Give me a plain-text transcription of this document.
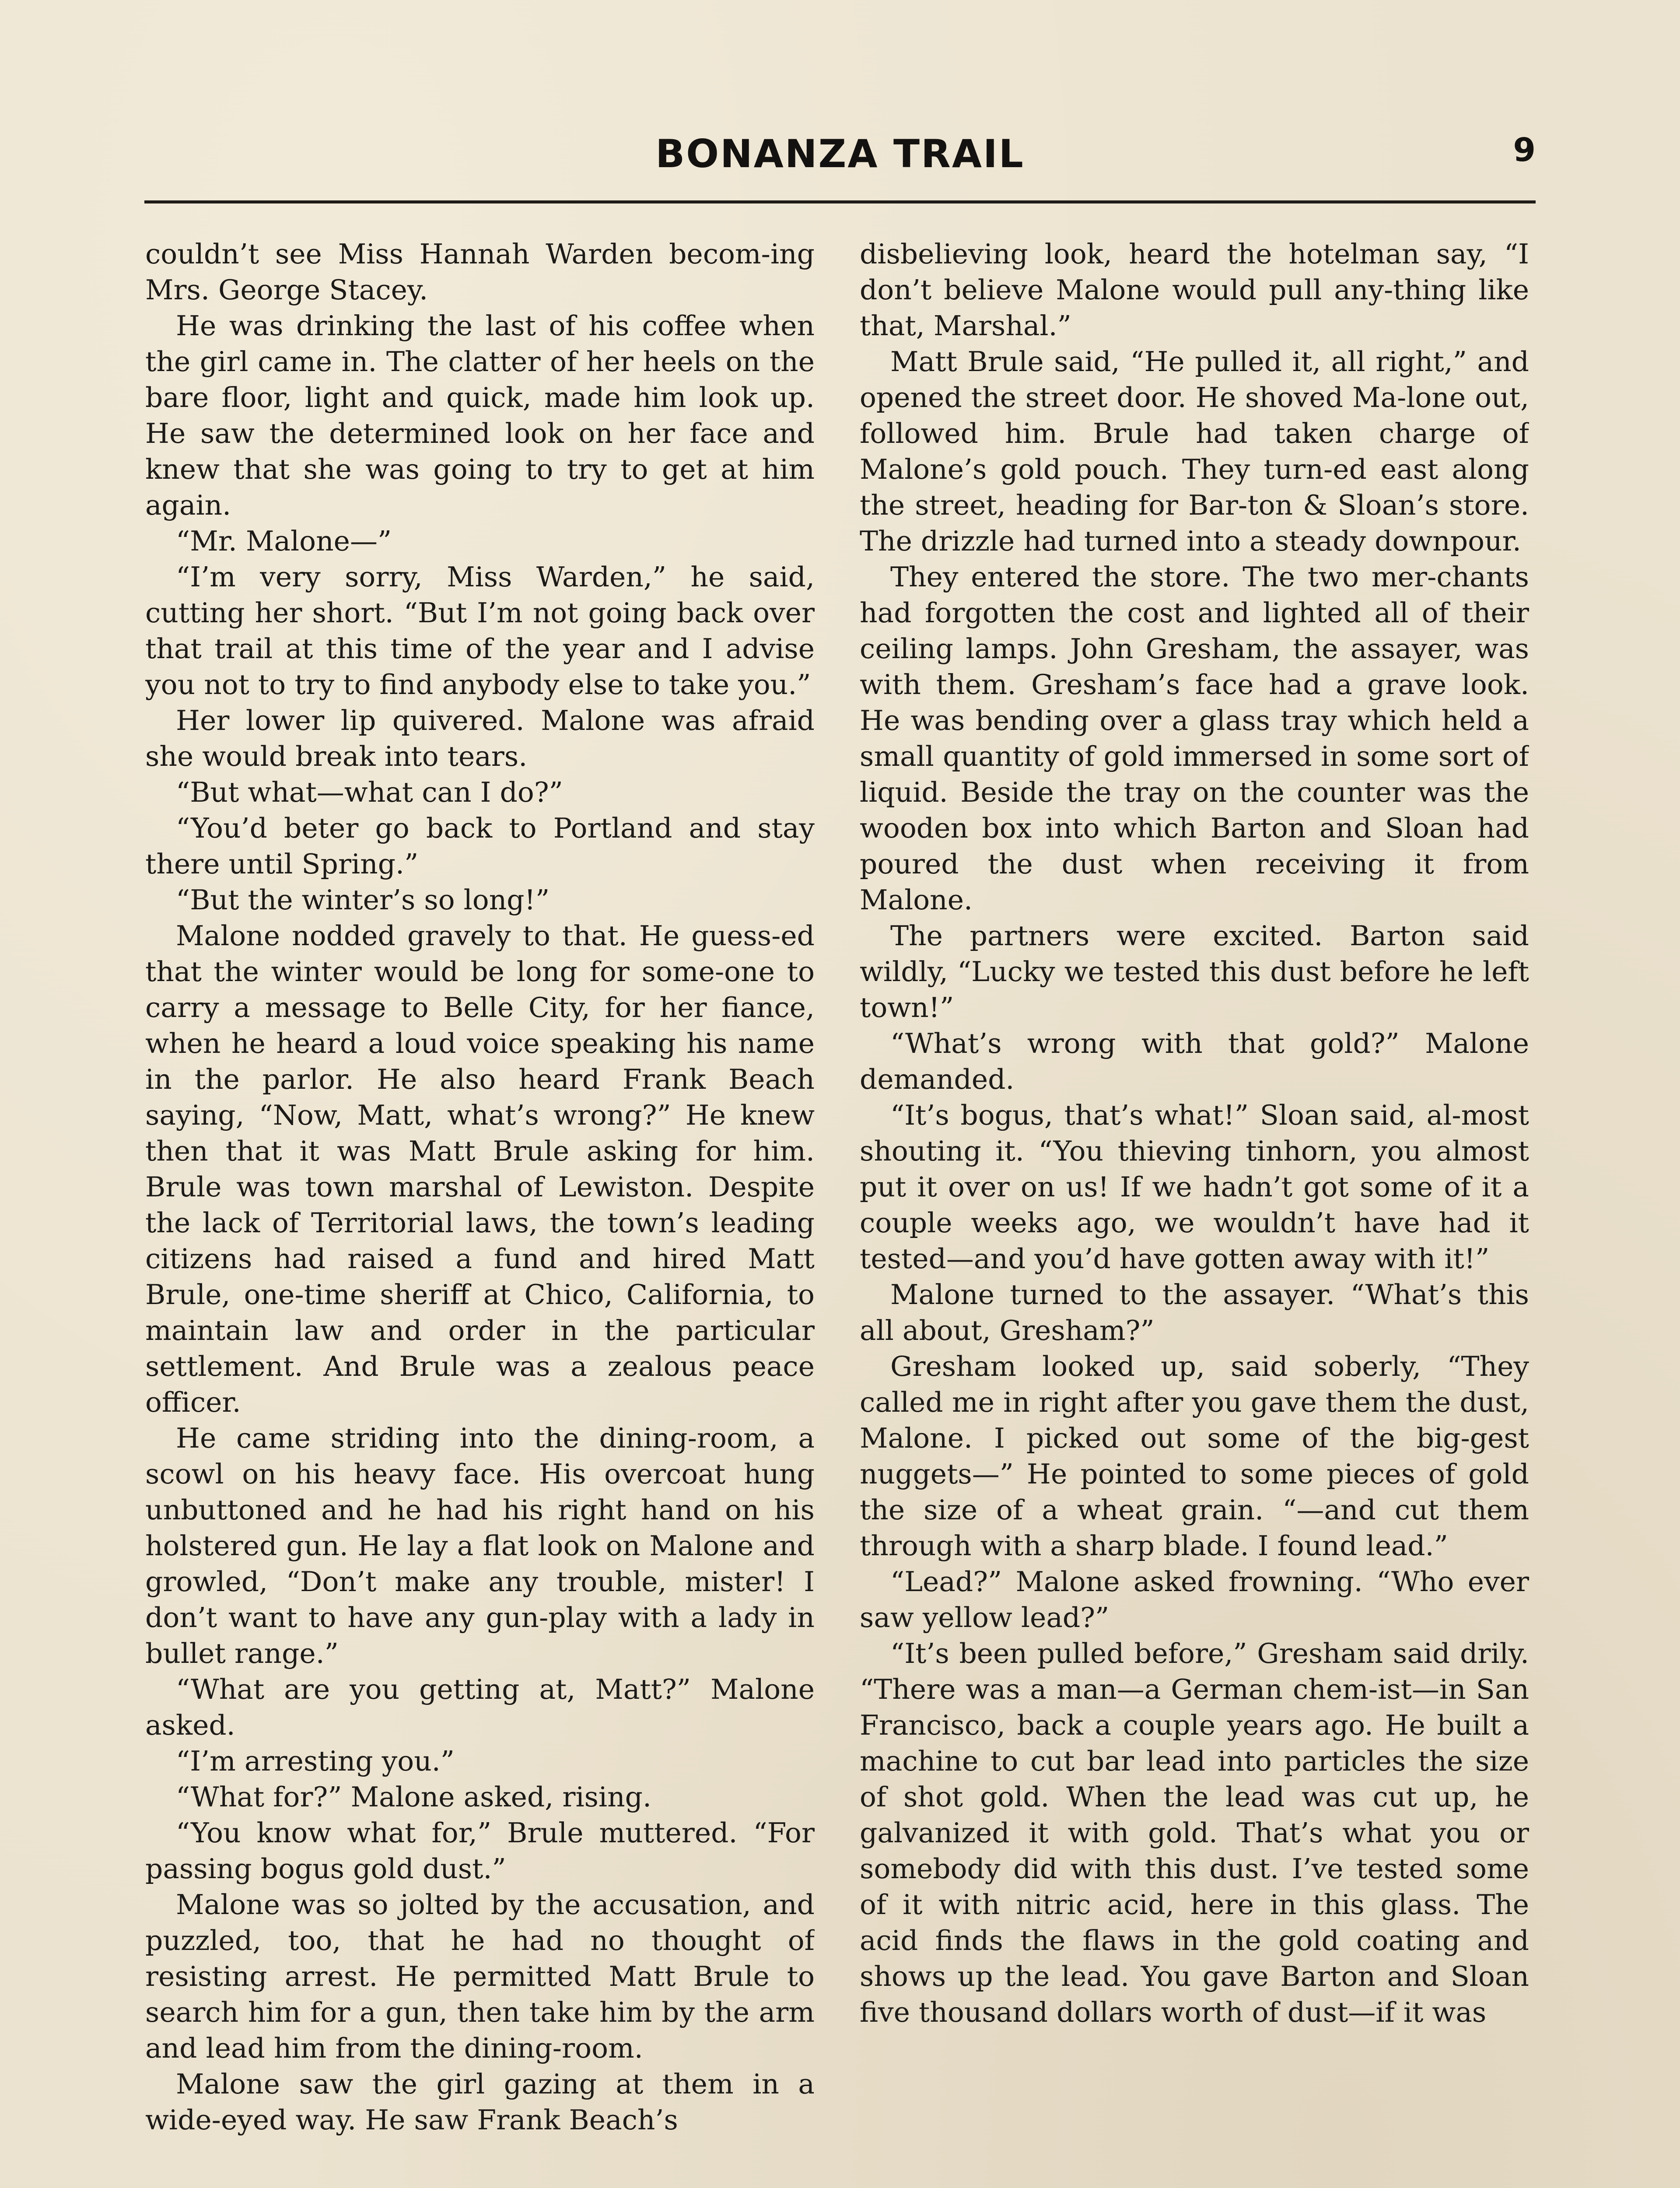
BONANZA TRAIL	9

couldn’t see Miss Hannah Warden becom-ing Mrs. George Stacey.

He was drinking the last of his coffee when the girl came in. The clatter of her heels on the bare floor, light and quick, made him look up. He saw the determined look on her face and knew that she was going to try to get at him again.

“Mr. Malone—”

“I’m very sorry, Miss Warden,” he said, cutting her short. “But I’m not going back over that trail at this time of the year and I advise you not to try to find anybody else to take you.”

Her lower lip quivered. Malone was afraid she would break into tears.

“But what—what can I do?”

“You’d beter go back to Portland and stay there until Spring.”

“But the winter’s so long!”

Malone nodded gravely to that. He guess-ed that the winter would be long for some-one to carry a message to Belle City, for her fiance, when he heard a loud voice speaking his name in the parlor. He also heard Frank Beach saying, “Now, Matt, what’s wrong?” He knew then that it was Matt Brule asking for him. Brule was town marshal of Lewiston. Despite the lack of Territorial laws, the town’s leading citizens had raised a fund and hired Matt Brule, one-time sheriff at Chico, California, to maintain law and order in the particular settlement. And Brule was a zealous peace officer.

He came striding into the dining-room, a scowl on his heavy face. His overcoat hung unbuttoned and he had his right hand on his holstered gun. He lay a flat look on Malone and growled, “Don’t make any trouble, mister! I don’t want to have any gun-play with a lady in bullet range.”

“What are you getting at, Matt?” Malone asked.

“I’m arresting you.”

“What for?” Malone asked, rising.

“You know what for,” Brule muttered. “For passing bogus gold dust.”

Malone was so jolted by the accusation, and puzzled, too, that he had no thought of resisting arrest. He permitted Matt Brule to search him for a gun, then take him by the arm and lead him from the dining-room.

Malone saw the girl gazing at them in a wide-eyed way. He saw Frank Beach’s

disbelieving look, heard the hotelman say, “I don’t believe Malone would pull any-thing like that, Marshal.”

Matt Brule said, “He pulled it, all right,” and opened the street door. He shoved Ma-lone out, followed him. Brule had taken charge of Malone’s gold pouch. They turn-ed east along the street, heading for Bar-ton & Sloan’s store. The drizzle had turned into a steady downpour.

They entered the store. The two mer-chants had forgotten the cost and lighted all of their ceiling lamps. John Gresham, the assayer, was with them. Gresham’s face had a grave look. He was bending over a glass tray which held a small quantity of gold immersed in some sort of liquid. Beside the tray on the counter was the wooden box into which Barton and Sloan had poured the dust when receiving it from Malone.

The partners were excited. Barton said wildly, “Lucky we tested this dust before he left town!”

“What’s wrong with that gold?” Malone demanded.

“It’s bogus, that’s what!” Sloan said, al-most shouting it. “You thieving tinhorn, you almost put it over on us! If we hadn’t got some of it a couple weeks ago, we wouldn’t have had it tested—and you’d have gotten away with it!”

Malone turned to the assayer. “What’s this all about, Gresham?”

Gresham looked up, said soberly, “They called me in right after you gave them the dust, Malone. I picked out some of the big-gest nuggets—” He pointed to some pieces of gold the size of a wheat grain. “—and cut them through with a sharp blade. I found lead.”

“Lead?” Malone asked frowning. “Who ever saw yellow lead?”

“It’s been pulled before,” Gresham said drily. “There was a man—a German chem-ist—in San Francisco, back a couple years ago. He built a machine to cut bar lead into particles the size of shot gold. When the lead was cut up, he galvanized it with gold. That’s what you or somebody did with this dust. I’ve tested some of it with nitric acid, here in this glass. The acid finds the flaws in the gold coating and shows up the lead. You gave Barton and Sloan five thousand dollars worth of dust—if it was
